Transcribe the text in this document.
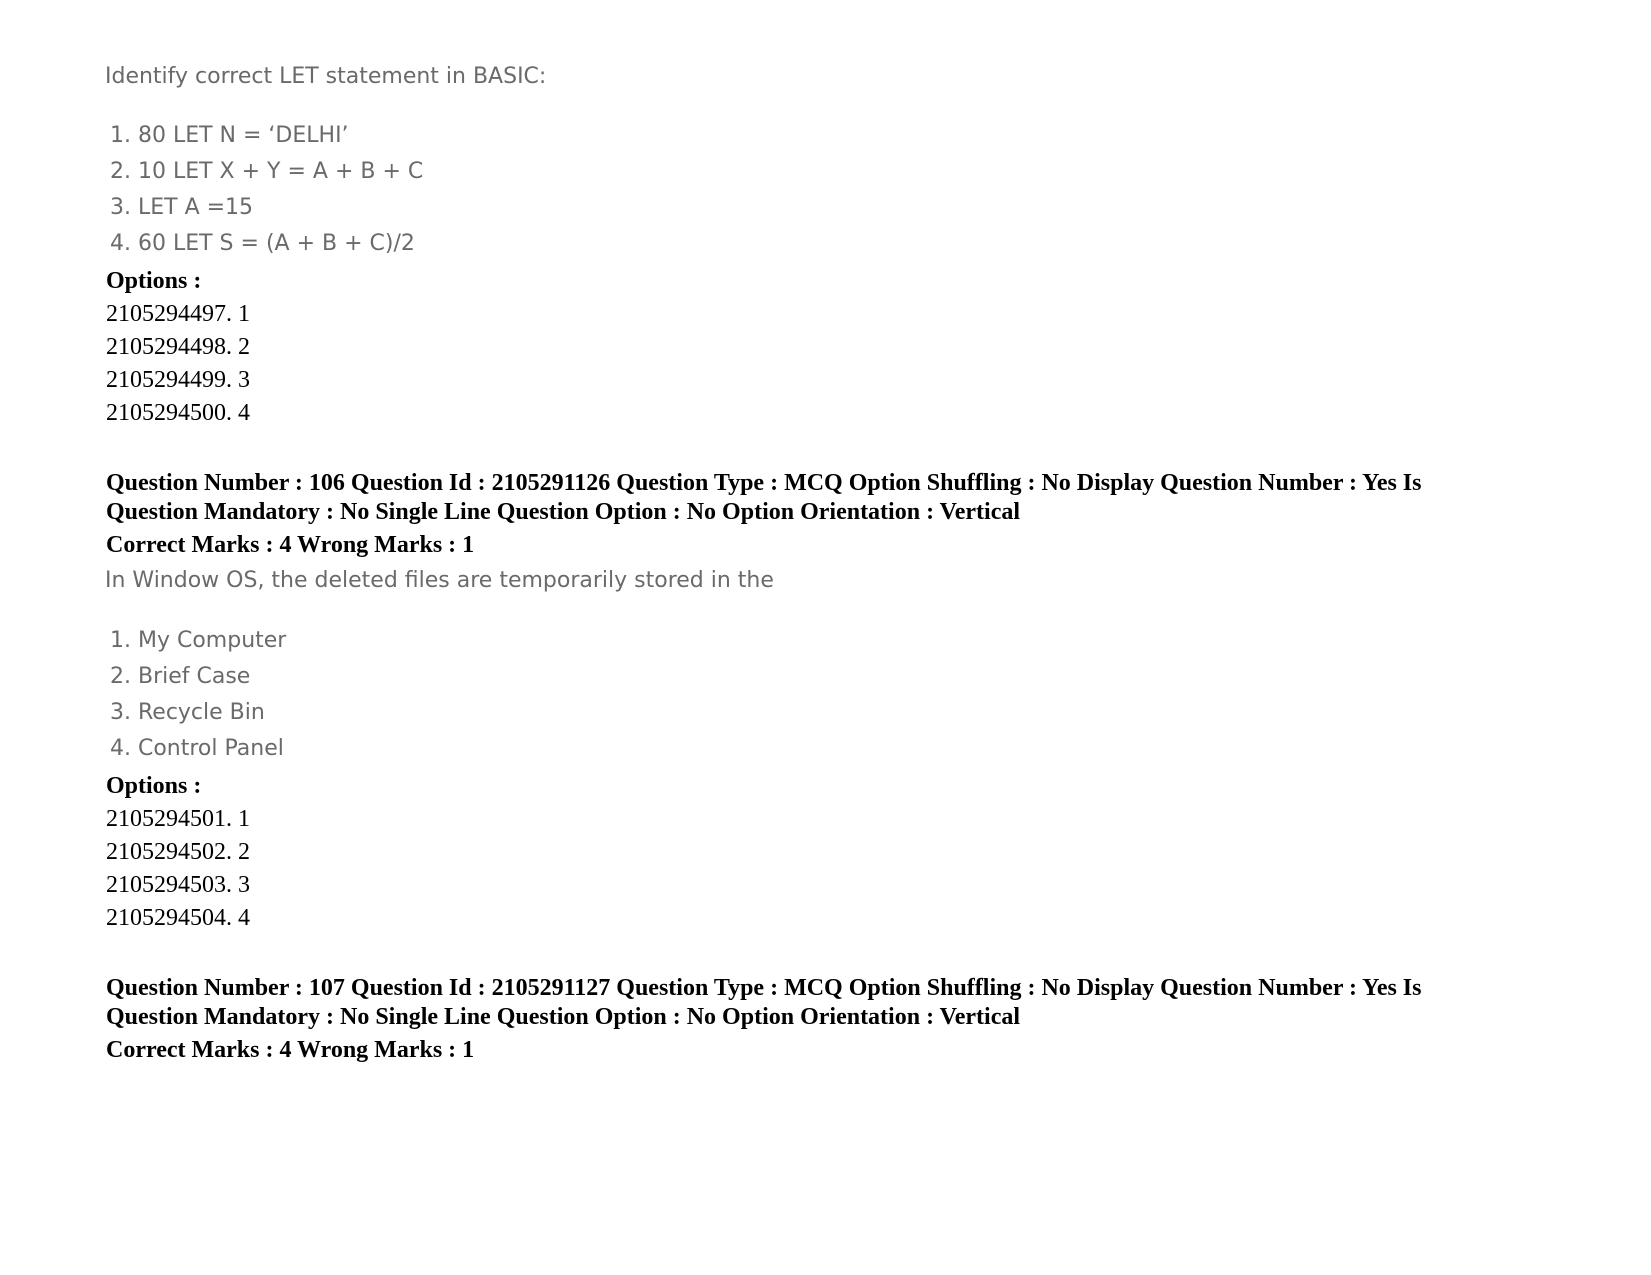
Identify correct LET statement in BASIC:
1. 80 LET N = ‘DELHI’
2. 10 LET X + Y = A + B + C
3. LET A =15
4. 60 LET S = (A + B + C)/2
Options :
2105294497. 1
2105294498. 2
2105294499. 3
2105294500. 4
Question Number : 106 Question Id : 2105291126 Question Type : MCQ Option Shuffling : No Display Question Number : Yes Is
Question Mandatory : No Single Line Question Option : No Option Orientation : Vertical
Correct Marks : 4 Wrong Marks : 1
In Window OS, the deleted files are temporarily stored in the
1. My Computer
2. Brief Case
3. Recycle Bin
4. Control Panel
Options :
2105294501. 1
2105294502. 2
2105294503. 3
2105294504. 4
Question Number : 107 Question Id : 2105291127 Question Type : MCQ Option Shuffling : No Display Question Number : Yes Is
Question Mandatory : No Single Line Question Option : No Option Orientation : Vertical
Correct Marks : 4 Wrong Marks : 1
